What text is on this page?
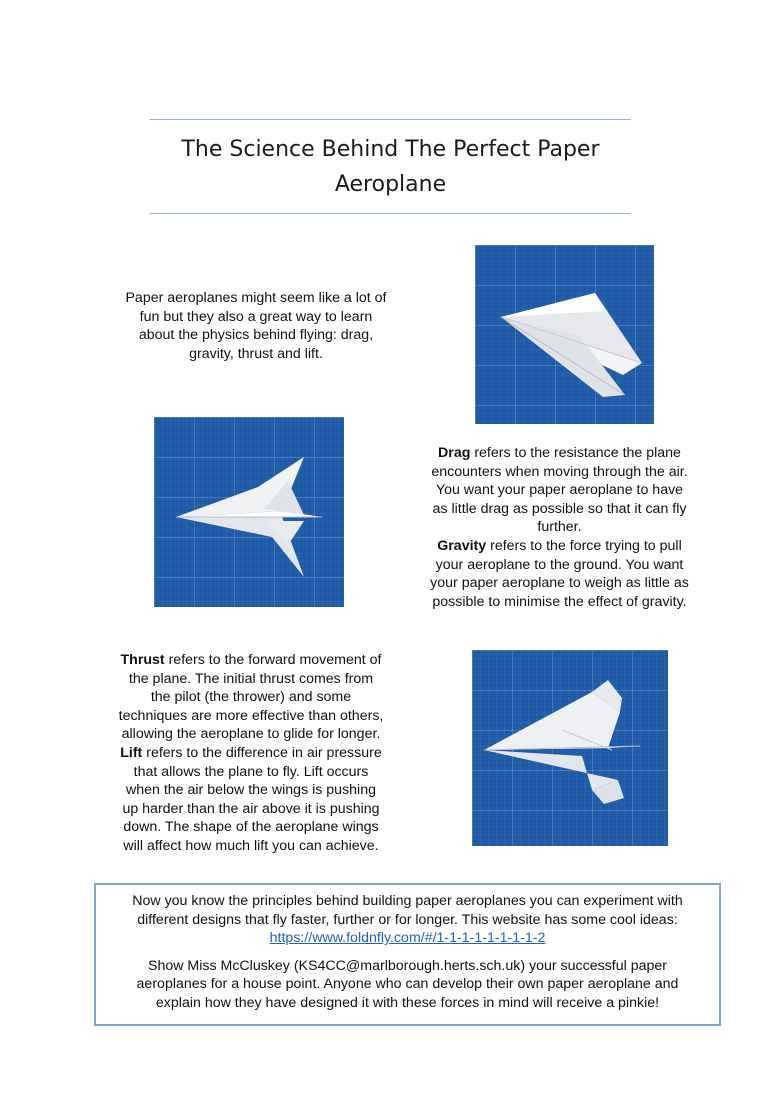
The Science Behind The Perfect Paper
Aeroplane
Paper aeroplanes might seem like a lot of
fun but they also a great way to learn
about the physics behind flying: drag,
gravity, thrust and lift.
Drag refers to the resistance the plane
encounters when moving through the air.
You want your paper aeroplane to have
as little drag as possible so that it can fly
further.
Gravity refers to the force trying to pull
your aeroplane to the ground. You want
your paper aeroplane to weigh as little as
possible to minimise the effect of gravity.
Thrust refers to the forward movement of
the plane. The initial thrust comes from
the pilot (the thrower) and some
techniques are more effective than others,
allowing the aeroplane to glide for longer.
Lift refers to the difference in air pressure
that allows the plane to fly. Lift occurs
when the air below the wings is pushing
up harder than the air above it is pushing
down. The shape of the aeroplane wings
will affect how much lift you can achieve.

Now you know the principles behind building paper aeroplanes you can experiment with

different designs that fly faster, further or for longer. This website has some cool ideas:

https://www.foldnfly.com/#/1-1-1-1-1-1-1-1-2

Show Miss McCluskey (KS4CC@marlborough.herts.sch.uk) your successful paper

aeroplanes for a house point. Anyone who can develop their own paper aeroplane and

explain how they have designed it with these forces in mind will receive a pinkie!
